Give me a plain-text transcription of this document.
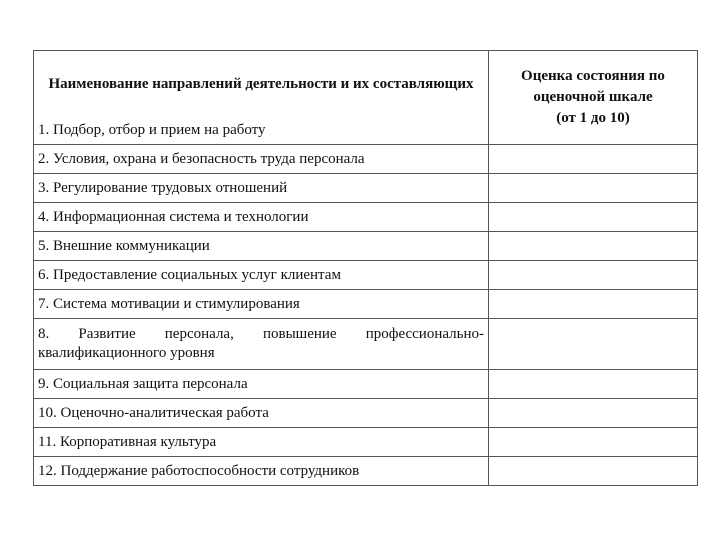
Наименование направлений деятельности и их составляющих	Оценка состояния по
оценочной шкале
(от 1 до 10)

1. Подбор, отбор и прием на работу	
2. Условия, охрана и безопасность труда персонала	
3. Регулирование трудовых отношений	
4. Информационная система и технологии	
5. Внешние коммуникации	
6. Предоставление социальных услуг клиентам	
7. Система мотивации и стимулирования	
8. Развитие персонала, повышение профессионально-квалификационного уровня	
9. Социальная защита персонала	
10. Оценочно-аналитическая работа	
11. Корпоративная культура	
12. Поддержание работоспособности сотрудников	
